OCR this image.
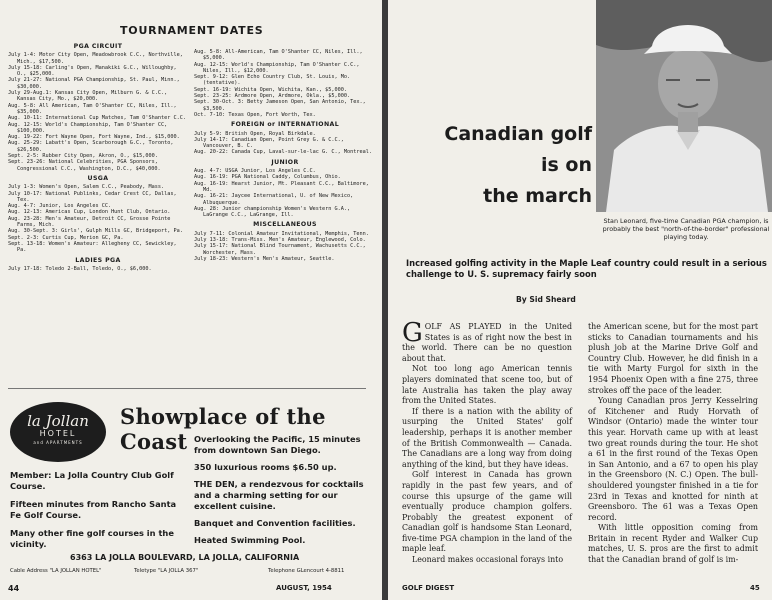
TOURNAMENT DATES
PGA CIRCUIT

July 1-4: Motor City Open, Meadowbrook C.C., Northville, Mich., $17,500.

July 15-18: Carling's Open, Manakiki G.C., Willoughby, O., $25,000.

July 21-27: National PGA Championship, St. Paul, Minn., $30,000.

July 29-Aug.1: Kansas City Open, Milburn G. & C.C., Kansas City, Mo., $20,000.

Aug. 5-8: All American, Tam O'Shanter CC, Niles, Ill., $35,000.

Aug. 10-11: International Cup Matches, Tam O'Shanter C.C.

Aug. 12-15: World's Championship, Tam O'Shanter CC, $100,000.

Aug. 19-22: Fort Wayne Open, Fort Wayne, Ind., $15,000.

Aug. 25-29: Labatt's Open, Scarborough G.C., Toronto, $26,500.

Sept. 2-5: Rubber City Open, Akron, O., $15,000.

Sept. 23-26: National Celebrities, PGA Sponsors, Congressional C.C., Washington, D.C., $40,000.

USGA

July 1-3: Women's Open, Salem C.C., Peabody, Mass.

July 10-17: National Publinks, Cedar Crest CC, Dallas, Tex.

Aug. 4-7: Junior, Los Angeles CC.

Aug. 12-13: Americas Cup, London Hunt Club, Ontario.

Aug. 23-28: Men's Amateur, Detroit CC, Grosse Pointe Farms, Mich.

Aug. 30-Sept. 3: Girls', Gulph Mills GC, Bridgeport, Pa.

Sept. 2-3: Curtis Cup, Merion GC, Pa.

Sept. 13-18: Women's Amateur: Allegheny CC, Sewickley, Pa.

LADIES PGA

July 17-18: Toledo 2-Ball, Toledo, O., $6,000.

Aug. 5-8: All-American, Tam O'Shanter CC, Niles, Ill., $5,000.

Aug. 12-15: World's Championship, Tam O'Shanter C.C., Niles, Ill., $12,000.

Sept. 9-12: Glen Echo Country Club, St. Louis, Mo. (tentative).

Sept. 16-19: Wichita Open, Wichita, Kan., $5,000.

Sept. 23-25: Ardmore Open, Ardmore, Okla., $5,000.

Sept. 30-Oct. 3: Betty Jameson Open, San Antonio, Tex., $3,500.

Oct. 7-10: Texas Open, Fort Worth, Tex.

FOREIGN or INTERNATIONAL

July 5-9: British Open, Royal Birkdale.

July 14-17: Canadian Open, Point Grey G. & C.C., Vancouver, B. C.

Aug. 20-22: Canada Cup, Laval-sur-le-lac G. C., Montreal.

JUNIOR

Aug. 4-7: USGA Junior, Los Angeles C.C.

Aug. 16-19: PGA National Caddy, Columbus, Ohio.

Aug. 16-19: Hearst Junior, Mt. Pleasant C.C., Baltimore, Md.

Aug. 16-21: Jaycee International, U. of New Mexico, Albuquerque.

Aug. 28: Junior championship Women's Western G.A., LaGrange C.C., LaGrange, Ill.

MISCELLANEOUS

July 7-11: Colonial Amateur Invitational, Memphis, Tenn.

July 13-18: Trans-Miss. Men's Amateur, Englewood, Colo.

July 15-17: National Blind Tournament, Wachusetts C.C., Worchester, Mass.

July 18-23: Western's Men's Amateur, Seattle.

la Jollan
HOTEL
and APARTMENTS
Showplace of the Coast
Member: La Jolla Country Club Golf Course.
Fifteen minutes from Rancho Santa Fe Golf Course.
Many other fine golf courses in the vicinity.
Overlooking the Pacific, 15 minutes from downtown San Diego.
350 luxurious rooms $6.50 up.
THE DEN, a rendezvous for cocktails and a charming setting for our excellent cuisine.
Banquet and Convention facilities.
Heated Swimming Pool.
6363 LA JOLLA BOULEVARD, LA JOLLA, CALIFORNIA
Cable Address "LA JOLLAN HOTEL"	Teletype "LA JOLLA 367"	Telephone GLencourt 4-8811
44	AUGUST, 1954
Stan Leonard, five-time Canadian PGA champion, is probably the best "north-of-the-border" professional playing today.
Canadian golf
is on
the march
Increased golfing activity in the Maple Leaf country could result in a serious challenge to U. S. supremacy fairly soon
By Sid Sheard

GOLF AS PLAYED in the United States is as of right now the best in the world. There can be no question about that.

Not too long ago American tennis players dominated that scene too, but of late Australia has taken the play away from the United States.

If there is a nation with the ability of usurping the United States' golf leadership, perhaps it is another member of the British Commonwealth — Canada. The Canadians are a long way from doing anything of the kind, but they have ideas.

Golf interest in Canada has grown rapidly in the past few years, and of course this upsurge of the game will eventually produce champion golfers. Probably the greatest exponent of Canadian golf is handsome Stan Leonard, five-time PGA champion in the land of the maple leaf.

Leonard makes occasional forays into

the American scene, but for the most part sticks to Canadian tournaments and his plush job at the Marine Drive Golf and Country Club. However, he did finish in a tie with Marty Furgol for sixth in the 1954 Phoenix Open with a fine 275, three strokes off the pace of the leader.

Young Canadian pros Jerry Kesselring of Kitchener and Rudy Horvath of Windsor (Ontario) made the winter tour this year. Horvath came up with at least two great rounds during the tour. He shot a 61 in the first round of the Texas Open in San Antonio, and a 67 to open his play in the Greensboro (N. C.) Open. The bull-shouldered youngster finished in a tie for 23rd in Texas and knotted for ninth at Greensboro. The 61 was a Texas Open record.

With little opposition coming from Britain in recent Ryder and Walker Cup matches, U. S. pros are the first to admit that the Canadian brand of golf is im-

GOLF DIGEST	45
